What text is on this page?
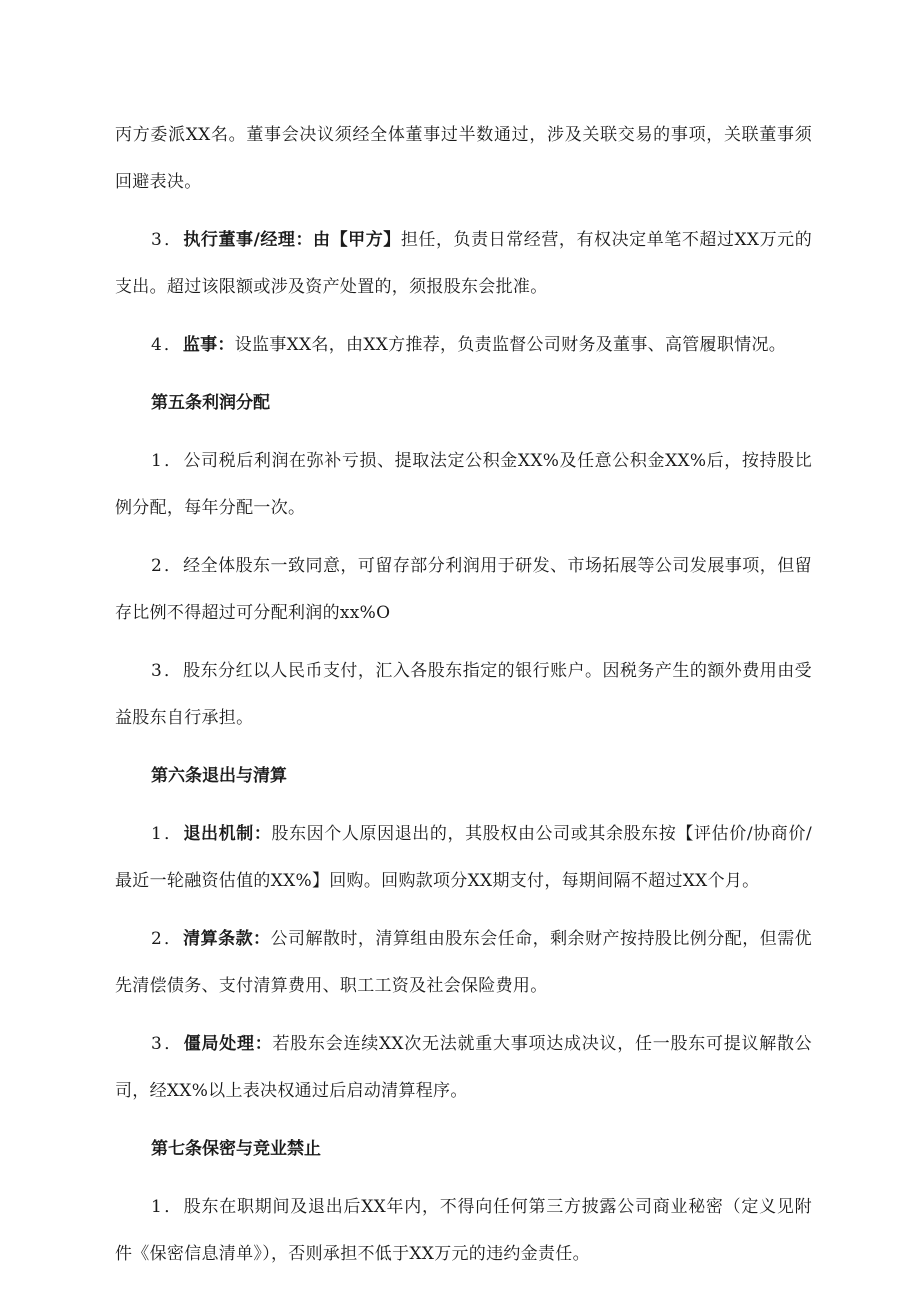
丙方委派XX名。董事会决议须经全体董事过半数通过，涉及关联交易的事项，关联董事须回避表决。

3．执行董事/经理：由【甲方】担任，负责日常经营，有权决定单笔不超过XX万元的支出。超过该限额或涉及资产处置的，须报股东会批准。

4．监事：设监事XX名，由XX方推荐，负责监督公司财务及董事、高管履职情况。

第五条利润分配

1．公司税后利润在弥补亏损、提取法定公积金XX%及任意公积金XX%后，按持股比例分配，每年分配一次。

2．经全体股东一致同意，可留存部分利润用于研发、市场拓展等公司发展事项，但留存比例不得超过可分配利润的xx%O

3．股东分红以人民币支付，汇入各股东指定的银行账户。因税务产生的额外费用由受益股东自行承担。

第六条退出与清算

1．退出机制：股东因个人原因退出的，其股权由公司或其余股东按【评估价/协商价/最近一轮融资估值的XX%】回购。回购款项分XX期支付，每期间隔不超过XX个月。

2．清算条款：公司解散时，清算组由股东会任命，剩余财产按持股比例分配，但需优先清偿债务、支付清算费用、职工工资及社会保险费用。

3．僵局处理：若股东会连续XX次无法就重大事项达成决议，任一股东可提议解散公司，经XX%以上表决权通过后启动清算程序。

第七条保密与竞业禁止

1．股东在职期间及退出后XX年内，不得向任何第三方披露公司商业秘密（定义见附件《保密信息清单》），否则承担不低于XX万元的违约金责任。
